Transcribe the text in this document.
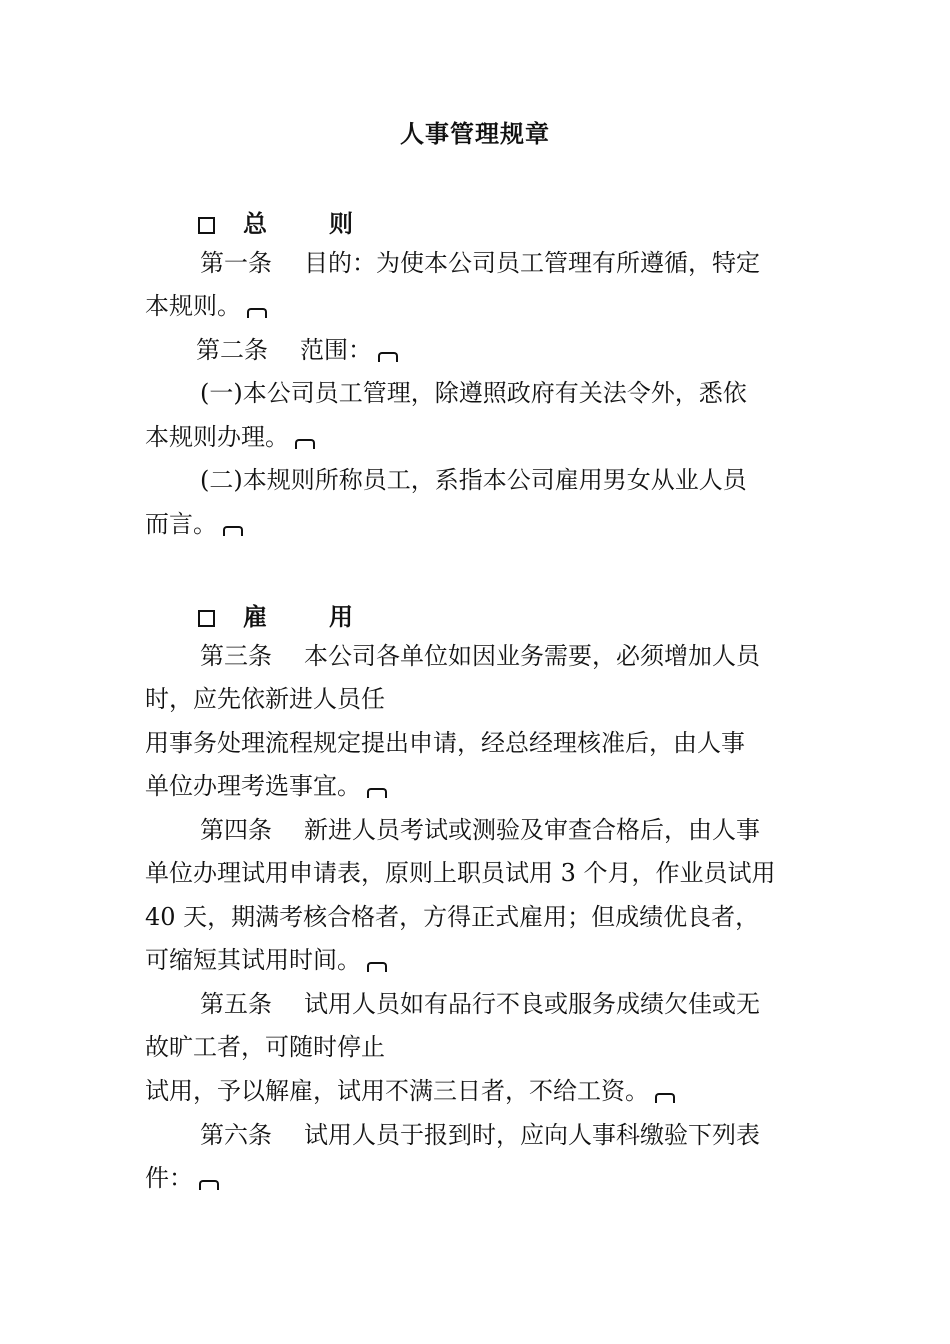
人事管理规章
总	则
第一条 目的：为使本公司员工管理有所遵循，特定
本规则。
第二条 范围：
(一)本公司员工管理，除遵照政府有关法令外，悉依
本规则办理。
(二)本规则所称员工，系指本公司雇用男女从业人员
而言。
雇	用
第三条 本公司各单位如因业务需要，必须增加人员
时，应先依新进人员任
用事务处理流程规定提出申请，经总经理核准后，由人事
单位办理考选事宜。
第四条 新进人员考试或测验及审查合格后，由人事
单位办理试用申请表，原则上职员试用 3 个月，作业员试用
40 天，期满考核合格者，方得正式雇用；但成绩优良者，
可缩短其试用时间。
第五条 试用人员如有品行不良或服务成绩欠佳或无
故旷工者，可随时停止
试用，予以解雇，试用不满三日者，不给工资。
第六条 试用人员于报到时，应向人事科缴验下列表
件：
